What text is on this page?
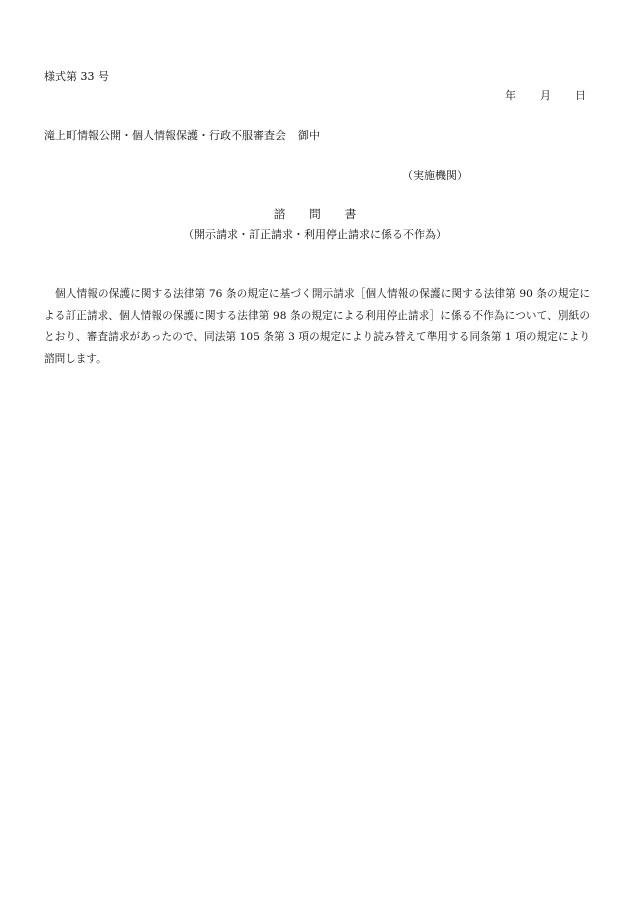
様式第 33 号
年 月 日
滝上町情報公開・個人情報保護・行政不服審査会 御中
（実施機関）
諮 問 書
（開示請求・訂正請求・利用停止請求に係る不作為）

個人情報の保護に関する法律第 76 条の規定に基づく開示請求［個人情報の保護に関する法律第 90 条の規定による訂正請求、個人情報の保護に関する法律第 98 条の規定による利用停止請求］に係る不作為について、別紙のとおり、審査請求があったので、同法第 105 条第 3 項の規定により読み替えて準用する同条第 1 項の規定により諮問します。
